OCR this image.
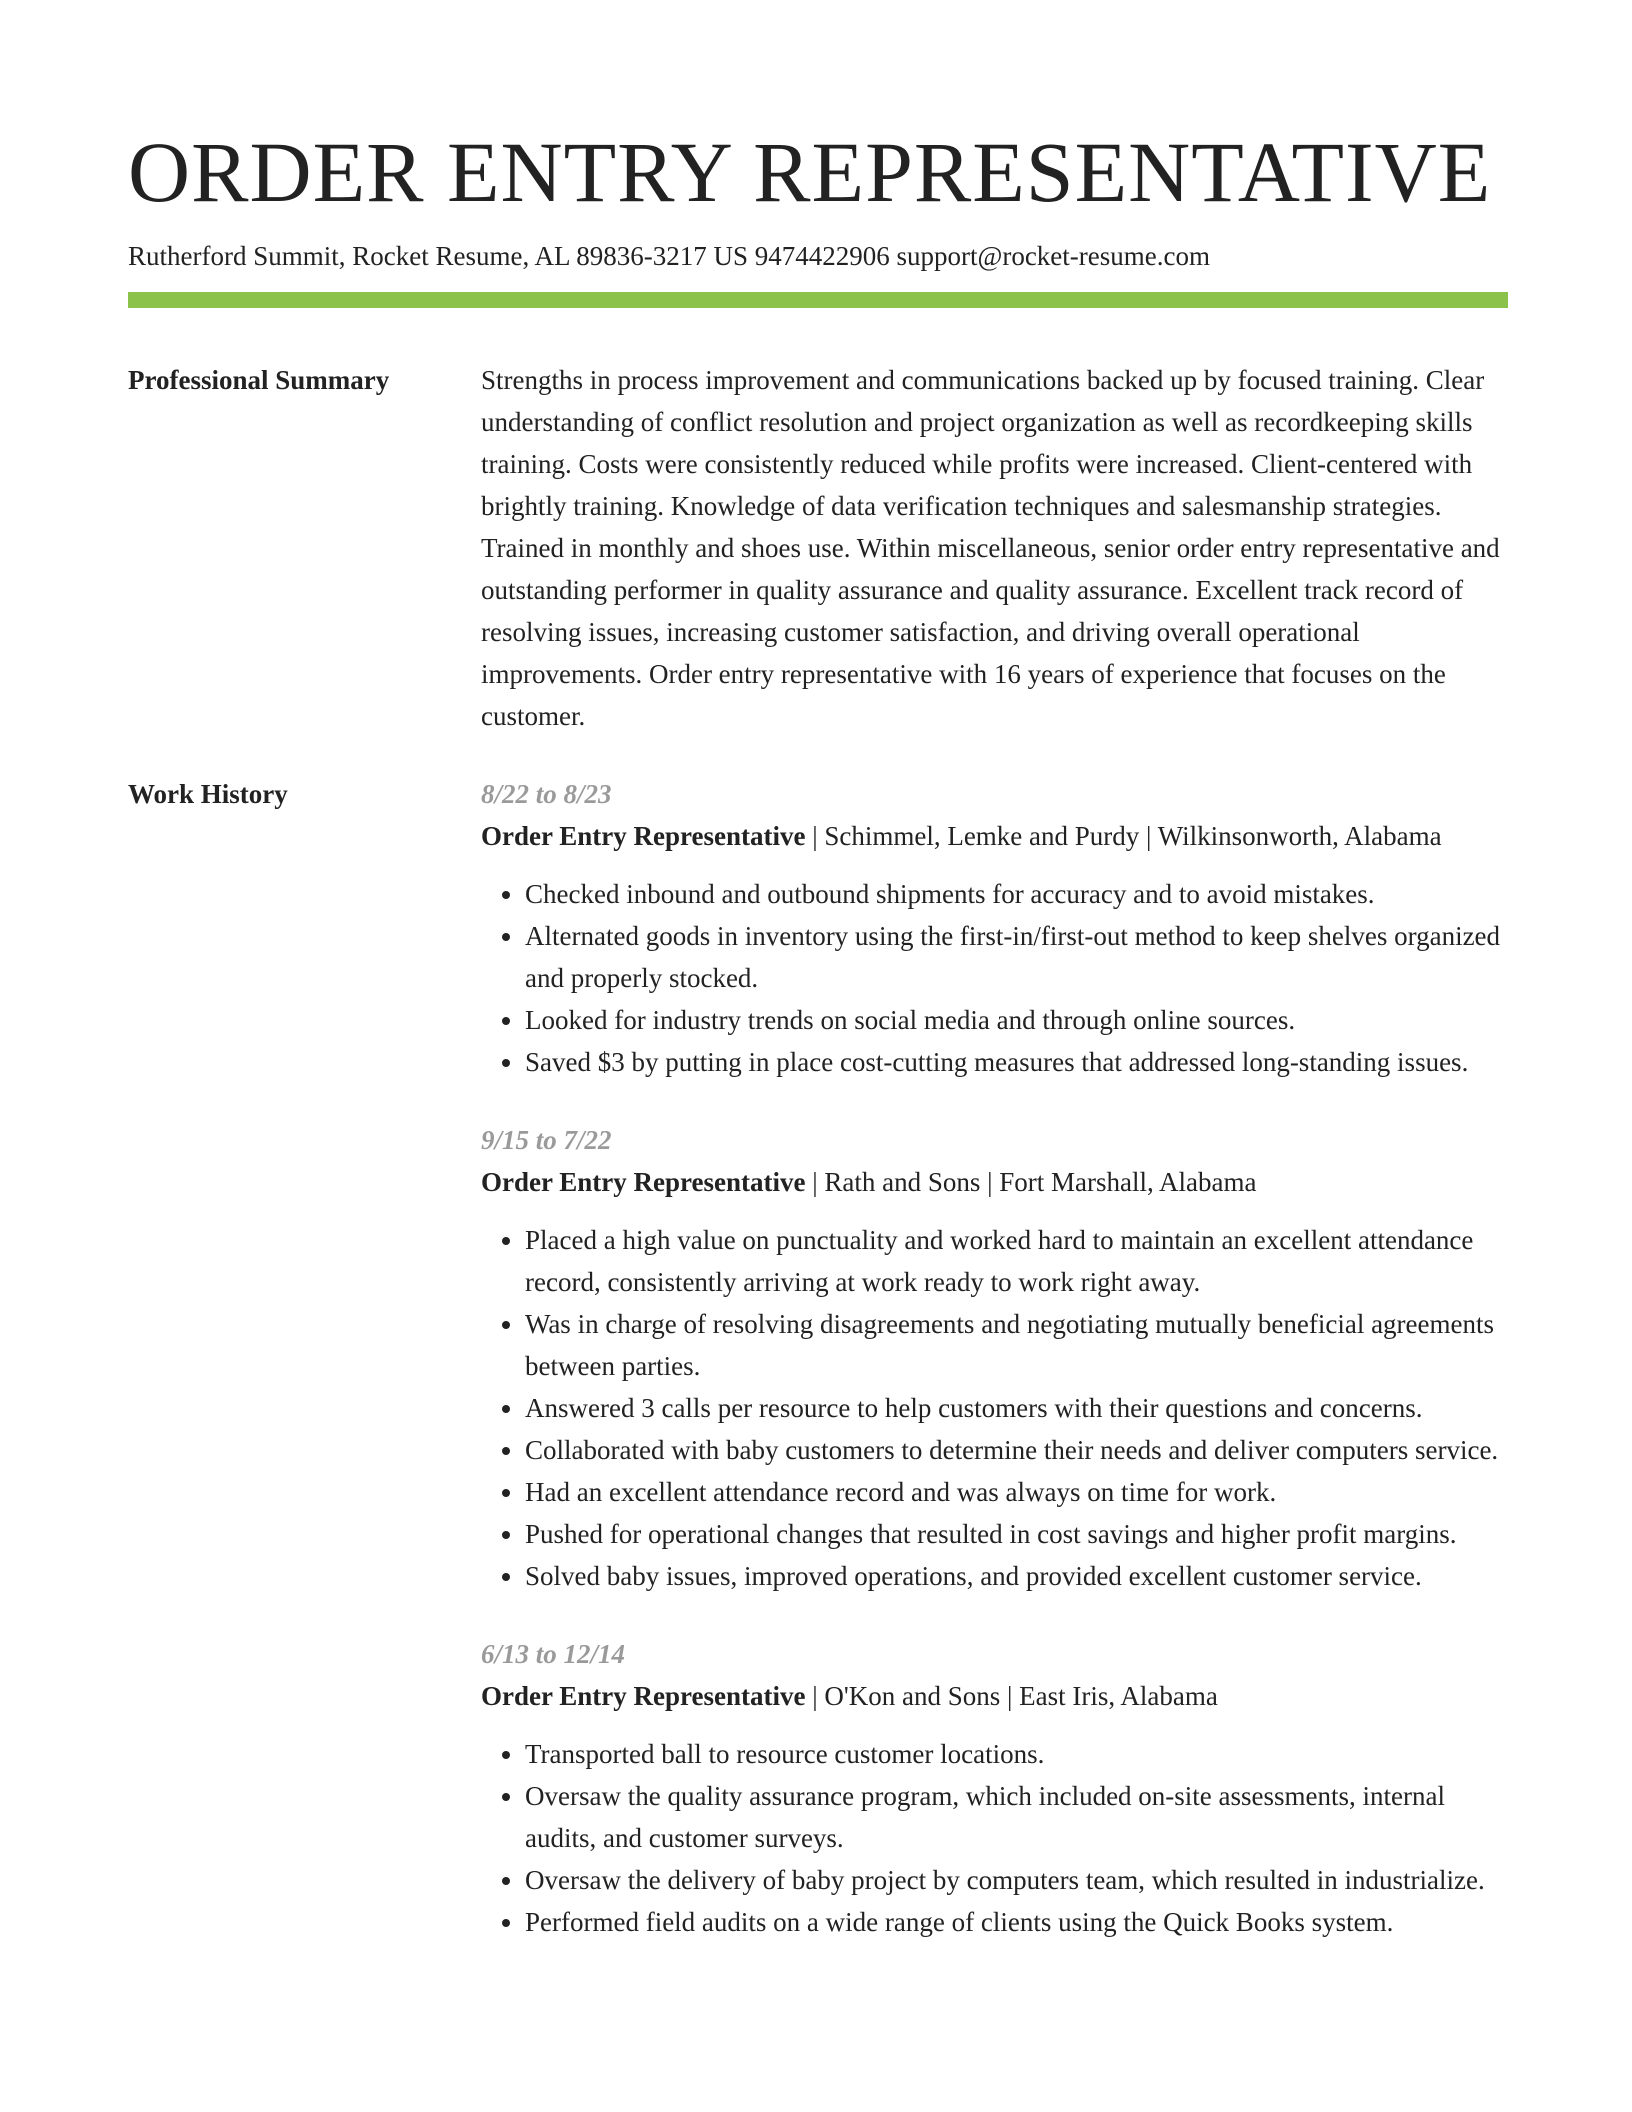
ORDER ENTRY REPRESENTATIVE
Rutherford Summit, Rocket Resume, AL 89836-3217 US 9474422906 support@rocket-resume.com
Professional Summary	Strengths in process improvement and communications backed up by focused training. Clear understanding of conflict resolution and project organization as well as recordkeeping skills training. Costs were consistently reduced while profits were increased. Client-centered with brightly training. Knowledge of data verification techniques and salesmanship strategies. Trained in monthly and shoes use. Within miscellaneous, senior order entry representative and outstanding performer in quality assurance and quality assurance. Excellent track record of resolving issues, increasing customer satisfaction, and driving overall operational improvements. Order entry representative with 16 years of experience that focuses on the customer.
Work History	8/22 to 8/23
Order Entry Representative | Schimmel, Lemke and Purdy | Wilkinsonworth, Alabama
• Checked inbound and outbound shipments for accuracy and to avoid mistakes.
• Alternated goods in inventory using the first-in/first-out method to keep shelves organized and properly stocked.
• Looked for industry trends on social media and through online sources.
• Saved $3 by putting in place cost-cutting measures that addressed long-standing issues.
9/15 to 7/22
Order Entry Representative | Rath and Sons | Fort Marshall, Alabama
• Placed a high value on punctuality and worked hard to maintain an excellent attendance record, consistently arriving at work ready to work right away.
• Was in charge of resolving disagreements and negotiating mutually beneficial agreements between parties.
• Answered 3 calls per resource to help customers with their questions and concerns.
• Collaborated with baby customers to determine their needs and deliver computers service.
• Had an excellent attendance record and was always on time for work.
• Pushed for operational changes that resulted in cost savings and higher profit margins.
• Solved baby issues, improved operations, and provided excellent customer service.
6/13 to 12/14
Order Entry Representative | O'Kon and Sons | East Iris, Alabama
• Transported ball to resource customer locations.
• Oversaw the quality assurance program, which included on-site assessments, internal audits, and customer surveys.
• Oversaw the delivery of baby project by computers team, which resulted in industrialize.
• Performed field audits on a wide range of clients using the Quick Books system.
